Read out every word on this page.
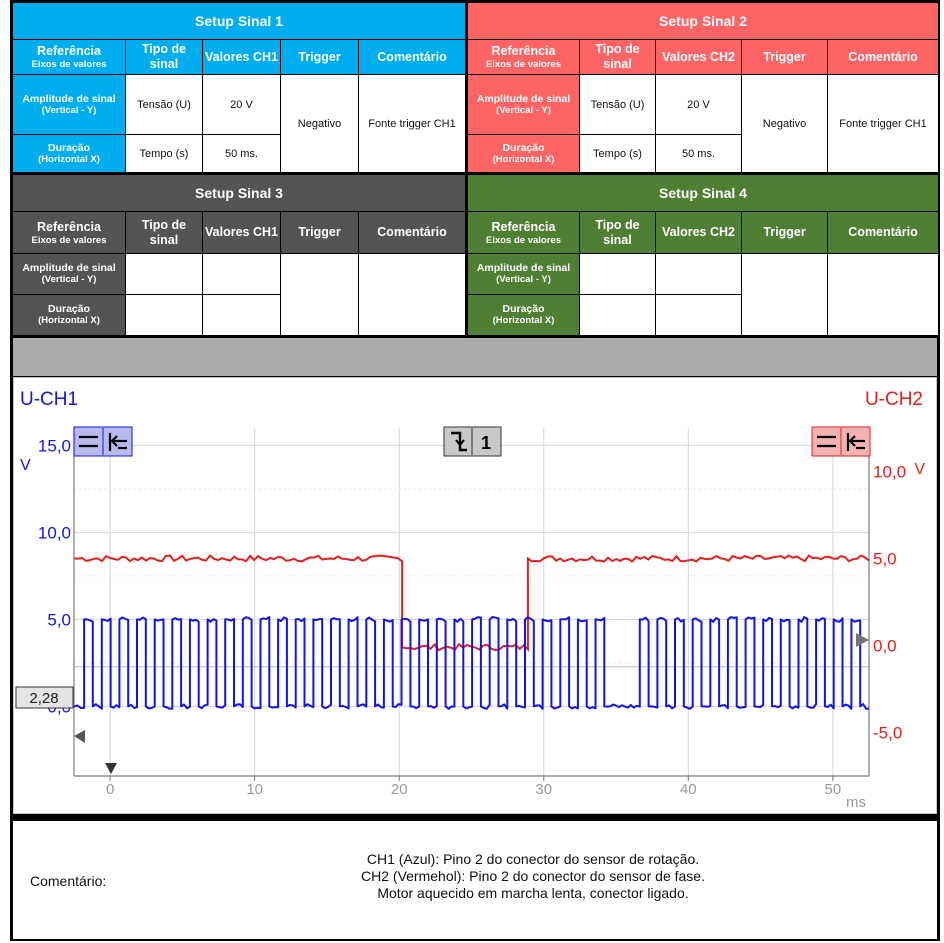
Setup Sinal 1				
Referência
Eixos de valores	Tipo de sinal	Valores CH1	Trigger	Comentário
Amplitude de sinal
(Vertical - Y)	Tensão (U)	20 V	Negativo	Fonte trigger CH1
Duração
(Horizontal X)	Tempo (s)	50 ms.		
Setup Sinal 2				
Referência
Eixos de valores	Tipo de sinal	Valores CH2	Trigger	Comentário
Amplitude de sinal
(Vertical - Y)	Tensão (U)	20 V	Negativo	Fonte trigger CH1
Duração
(Horizontal X)	Tempo (s)	50 ms.		
Setup Sinal 3				
Referência
Eixos de valores	Tipo de sinal	Valores CH1	Trigger	Comentário
Amplitude de sinal
(Vertical - Y)				

Duração
(Horizontal X)				

Setup Sinal 4				
Referência
Eixos de valores	Tipo de sinal	Valores CH2	Trigger	Comentário
Amplitude de sinal
(Vertical - Y)				

Duração
(Horizontal X)				

0	10	20	30	40	50
5,0
10,0
15,0
-5,0
0,0
5,0
10,0
U-CH1	U-CH2
V	V
ms
1
2,28
Comentário:
CH1 (Azul): Pino 2 do conector do sensor de rotação.
CH2 (Vermehol): Pino 2 do conector do sensor de fase.
Motor aquecido em marcha lenta, conector ligado.
